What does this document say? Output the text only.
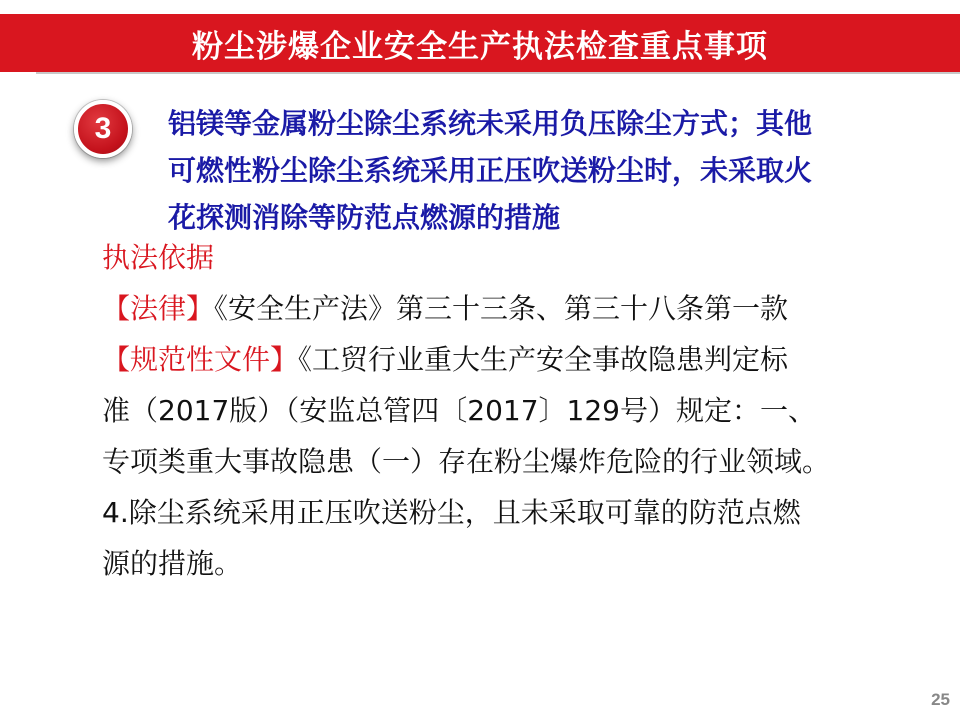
粉尘涉爆企业安全生产执法检查重点事项
3 铝镁等金属粉尘除尘系统未采用负压除尘方式；其他
可燃性粉尘除尘系统采用正压吹送粉尘时，未采取火
花探测消除等防范点燃源的措施
执法依据
【法律】《安全生产法》第三十三条、第三十八条第一款
【规范性文件】《工贸行业重大生产安全事故隐患判定标
准（2017版）（安监总管四〔2017〕129号）规定：一、
专项类重大事故隐患（一）存在粉尘爆炸危险的行业领域。
4.除尘系统采用正压吹送粉尘，且未采取可靠的防范点燃
源的措施。
25
